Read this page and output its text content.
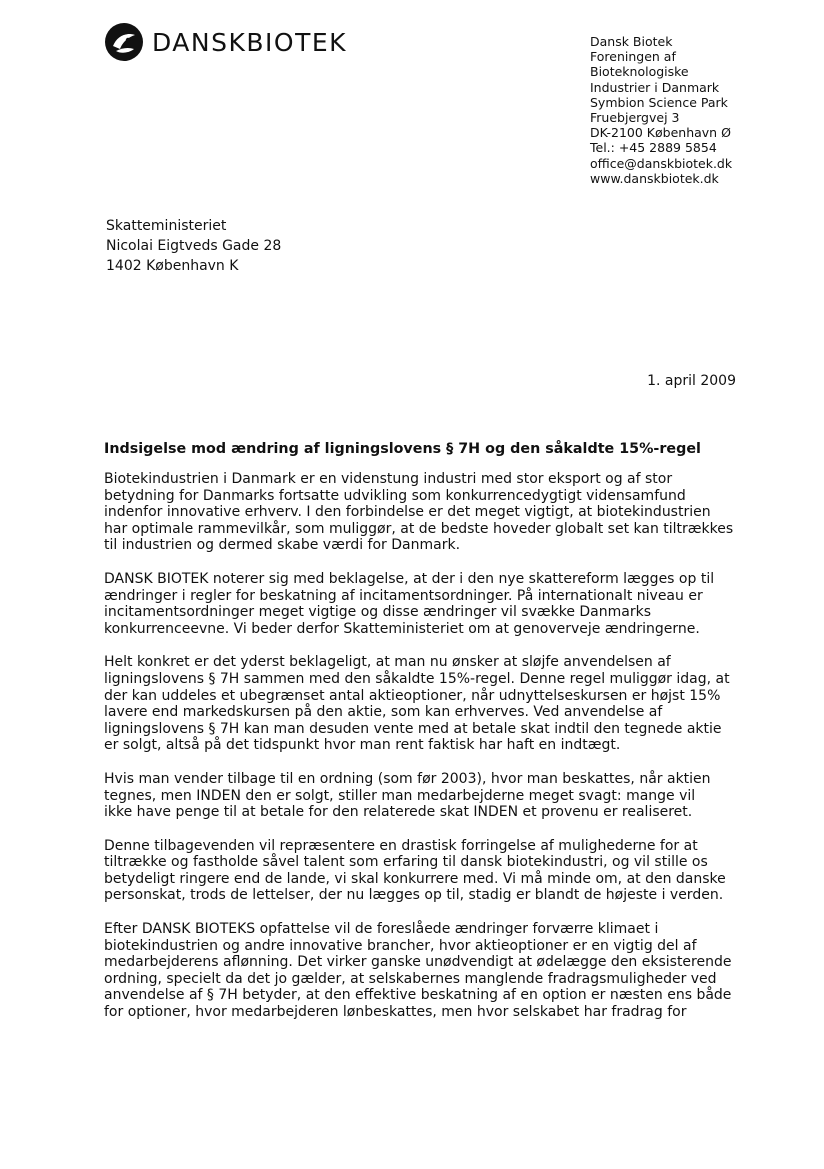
DANSKBIOTEK	Dansk Biotek
Foreningen af
Bioteknologiske
Industrier i Danmark
Symbion Science Park
Fruebjergvej 3
DK-2100 København Ø
Tel.: +45 2889 5854
office@danskbiotek.dk
www.danskbiotek.dk
Skatteministeriet
Nicolai Eigtveds Gade 28
1402 København K
1. april 2009
Indsigelse mod ændring af ligningslovens § 7H og den såkaldte 15%-regel

Biotekindustrien i Danmark er en videnstung industri med stor eksport og af stor
betydning for Danmarks fortsatte udvikling som konkurrencedygtigt vidensamfund
indenfor innovative erhverv. I den forbindelse er det meget vigtigt, at biotekindustrien
har optimale rammevilkår, som muliggør, at de bedste hoveder globalt set kan tiltrækkes
til industrien og dermed skabe værdi for Danmark.

DANSK BIOTEK noterer sig med beklagelse, at der i den nye skattereform lægges op til
ændringer i regler for beskatning af incitamentsordninger. På internationalt niveau er
incitamentsordninger meget vigtige og disse ændringer vil svække Danmarks
konkurrenceevne. Vi beder derfor Skatteministeriet om at genoverveje ændringerne.

Helt konkret er det yderst beklageligt, at man nu ønsker at sløjfe anvendelsen af
ligningslovens § 7H sammen med den såkaldte 15%-regel. Denne regel muliggør idag, at
der kan uddeles et ubegrænset antal aktieoptioner, når udnyttelseskursen er højst 15%
lavere end markedskursen på den aktie, som kan erhverves. Ved anvendelse af
ligningslovens § 7H kan man desuden vente med at betale skat indtil den tegnede aktie
er solgt, altså på det tidspunkt hvor man rent faktisk har haft en indtægt.

Hvis man vender tilbage til en ordning (som før 2003), hvor man beskattes, når aktien
tegnes, men INDEN den er solgt, stiller man medarbejderne meget svagt: mange vil
ikke have penge til at betale for den relaterede skat INDEN et provenu er realiseret.

Denne tilbagevenden vil repræsentere en drastisk forringelse af mulighederne for at
tiltrække og fastholde såvel talent som erfaring til dansk biotekindustri, og vil stille os
betydeligt ringere end de lande, vi skal konkurrere med. Vi må minde om, at den danske
personskat, trods de lettelser, der nu lægges op til, stadig er blandt de højeste i verden.

Efter DANSK BIOTEKS opfattelse vil de foreslåede ændringer forværre klimaet i
biotekindustrien og andre innovative brancher, hvor aktieoptioner er en vigtig del af
medarbejderens aflønning. Det virker ganske unødvendigt at ødelægge den eksisterende
ordning, specielt da det jo gælder, at selskabernes manglende fradragsmuligheder ved
anvendelse af § 7H betyder, at den effektive beskatning af en option er næsten ens både
for optioner, hvor medarbejderen lønbeskattes, men hvor selskabet har fradrag for
